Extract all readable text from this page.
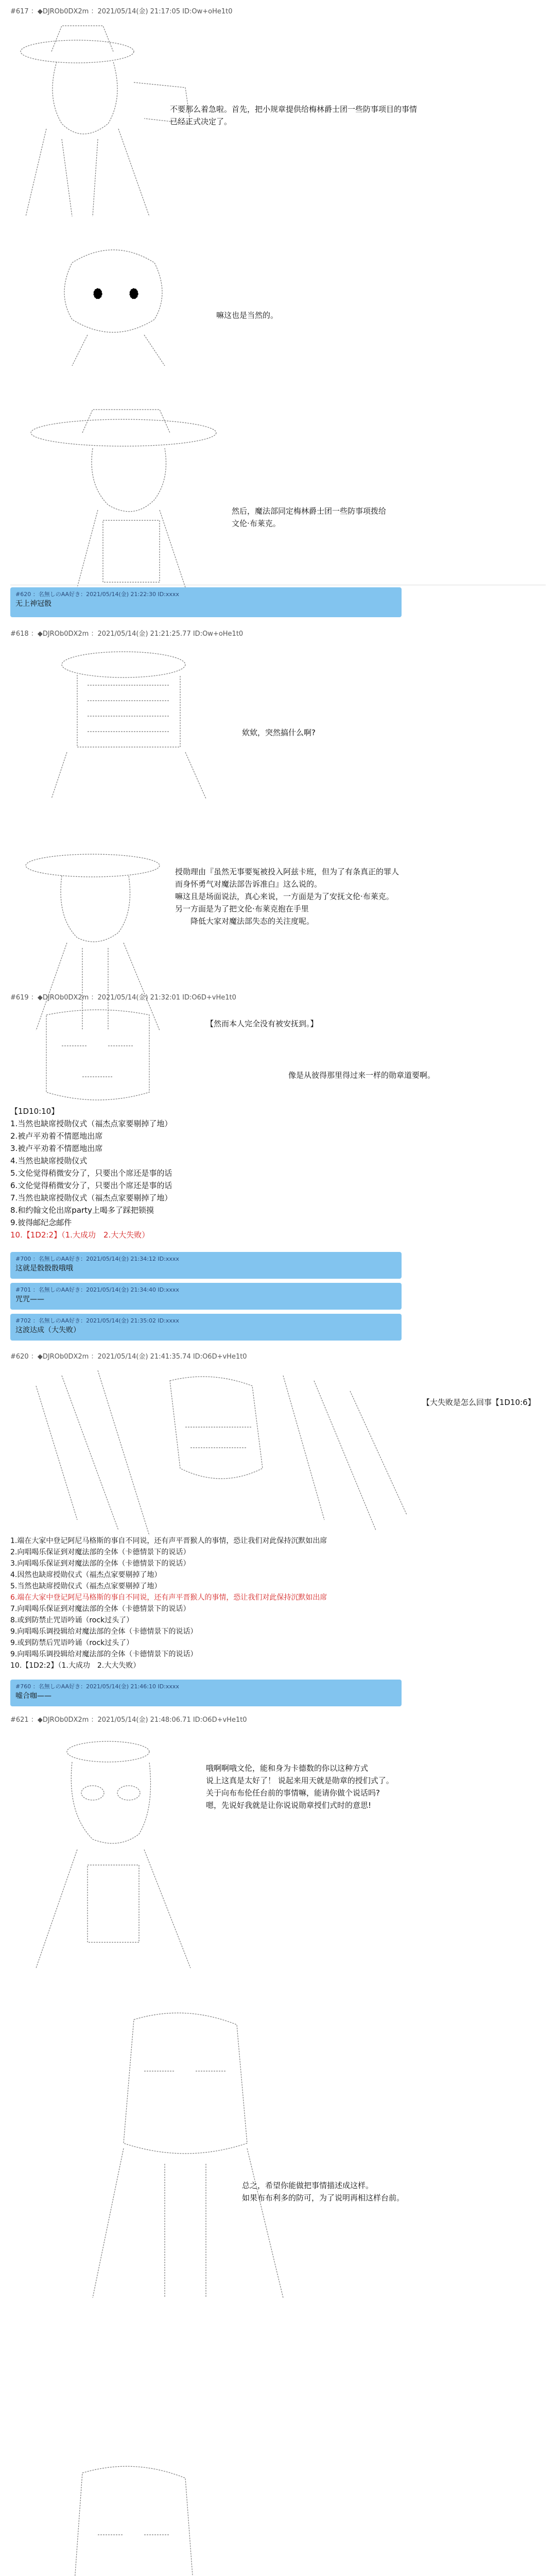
#617 ：◆DJROb0DX2m ：2021/05/14(金) 21:17:05 ID:Ow+oHe1t0
不要那么着急啦。首先，把小规章提供给梅林爵士团一些防事项目的事情
已经正式决定了。
嘛这也是当然的。
然后，魔法部同定梅林爵士团一些防事项拨给
文伦·布莱克。
#620 ：名無しのAA好き：2021/05/14(金) 21:22:30 ID:xxxx
无上神冠骰
#618 ：◆DJROb0DX2m ：2021/05/14(金) 21:21:25.77 ID:Ow+oHe1t0
欸欸，突然搞什么啊?
授勋理由『虽然无事要冤被投入阿兹卡班，但为了有条真正的罪人
而身怀勇气对魔法部告诉准白』这么说的。
嘛这且是场面说法，真心来说，一方面是为了安抚文伦·布莱克。
另一方面是为了把文伦·布莱克抱在手里
　　降低大家对魔法部失态的关注度呢。
#619 ：◆DJROb0DX2m ：2021/05/14(金) 21:32:01 ID:O6D+vHe1t0
【然而本人完全没有被安抚到。】
像是从彼得那里得过来一样的勋章道要啊。
【1D10:10】
1.当然也缺席授勋仪式（福杰点家要剔掉了地）
2.被卢平劝着不情愿地出席
3.被卢平劝着不情愿地出席
4.当然也缺席授勋仪式
5.文伦觉得稍微安分了，只要出个席还是事的话
6.文伦觉得稍微安分了，只要出个席还是事的话
7.当然也缺席授勋仪式（福杰点家要剔掉了地）
8.和约翰文伦出席party上喝多了踩把锁摸
9.彼得邮纪念邮件
10.【1D2:2】（1.大成功　2.大大失败）
#700 ：名無しのAA好き：2021/05/14(金) 21:34:12 ID:xxxx
这就是骰骰骰哦哦
#701 ：名無しのAA好き：2021/05/14(金) 21:34:40 ID:xxxx
咒咒——
#702 ：名無しのAA好き：2021/05/14(金) 21:35:02 ID:xxxx
这波达成（大失败）
#620 ：◆DJROb0DX2m ：2021/05/14(金) 21:41:35.74 ID:O6D+vHe1t0
【大失败是怎么回事【1D10:6】
1.端在大家中登记阿尼马格斯的事自不同说，还有声平晋猴人的事情，恐让我们对此保持沉默如出席
2.向唱喝乐保证到对魔法部的全体（卡德情景下的说话）
3.向唱喝乐保证到对魔法部的全体（卡德情景下的说话）
4.因然也缺席授勋仪式（福杰点家要剔掉了地）
5.当然也缺席授勋仪式（福杰点家要剔掉了地）
6.端在大家中登记阿尼马格斯的事自不同说，还有声平晋猴人的事情，恐让我们对此保持沉默如出席
7.向唱喝乐保证到对魔法部的全体（卡德情景下的说话）
8.或到防禁止咒语吟诵（rock过头了）
9.向唱喝乐调投辑给对魔法部的全体（卡德情景下的说话）
9.或到防禁后咒语吟诵（rock过头了）
9.向唱喝乐调投辑给对魔法部的全体（卡德情景下的说话）
10.【1D2:2】（1.大成功　2.大大失败）
#760 ：名無しのAA好き：2021/05/14(金) 21:46:10 ID:xxxx
嘘合咖——
#621 ：◆DJROb0DX2m ：2021/05/14(金) 21:48:06.71 ID:O6D+vHe1t0
哦啊啊哦文伦，能和身为卡德数的你以这种方式
说上这真是太好了！ 说起来用天就是勋章的授们式了。
关于向布布伦任台前的事情嘛，能请你做个说话吗?
嗯，先说好我就是让你说说勋章授们式时的意思!
总之，希望你能做把事情描述成这样。
如果布布利多的防可，为了说明再相这样台前。
